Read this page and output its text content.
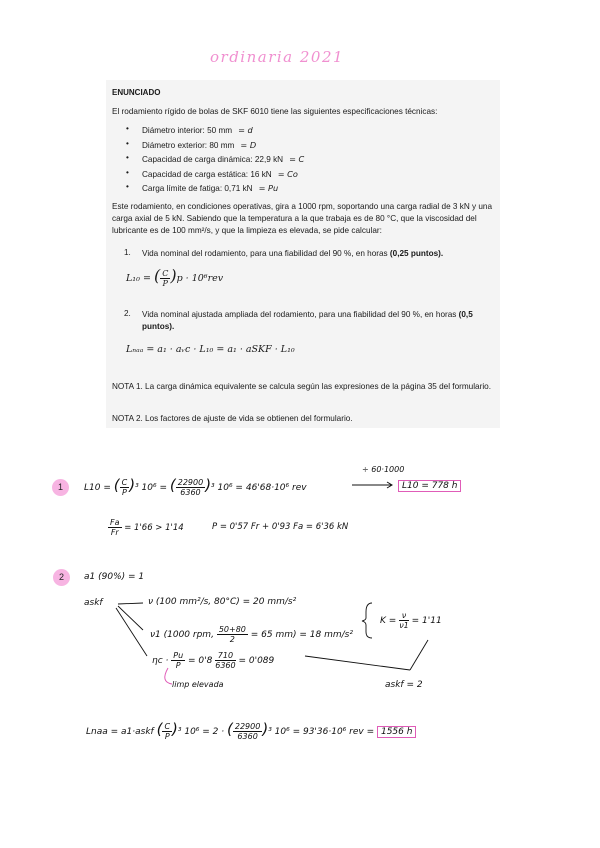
ordinaria 2021
ENUNCIADO

El rodamiento rígido de bolas de SKF 6010 tiene las siguientes especificaciones técnicas:

• Diámetro interior: 50 mm = d
• Diámetro exterior: 80 mm = D
• Capacidad de carga dinámica: 22,9 kN = C
• Capacidad de carga estática: 16 kN = Co
• Carga límite de fatiga: 0,71 kN = Pu

Este rodamiento, en condiciones operativas, gira a 1000 rpm, soportando una carga radial de 3 kN y una carga axial de 5 kN. Sabiendo que la temperatura a la que trabaja es de 80 °C, que la viscosidad del lubricante es de 100 mm²/s, y que la limpieza es elevada, se pide calcular:

1. Vida nominal del rodamiento, para una fiabilidad del 90 %, en horas (0,25 puntos).

L₁₀ = ( $\frac{C}{P} )p \cdot 10^6rev$
2. Vida nominal ajustada ampliada del rodamiento, para una fiabilidad del 90 %, en horas (0,5 puntos).

Lₙₐₐ = a₁ · aᵥc · L₁₀ = a₁ · aSKF · L₁₀

NOTA 1. La carga dinámica equivalente se calcula según las expresiones de la página 35 del formulario.

NOTA 2. Los factores de ajuste de vida se obtienen del formulario.

1	L10 = ( $\frac{C}{P} )^3$ 10⁶ = ( $\frac{22900}{6360} )^3$ 10⁶ = 46'68·10⁶ rev
÷ 60·1000
L10 = 778 h
$\frac{Fa}{Fr} = 1'66 > 1'14$	P = 0'57 Fr + 0'93 Fa = 6'36 kN
2	a1 (90%) = 1
askf	ν (100 mm²/s, 80°C) = 20 mm/s²
ν1 (1000 rpm, $\frac{50+80}{2} = 65$ mm) = 18 mm/s²
$K = \frac{\nu}{\nu 1} = 1'11$
$\eta c \cdot \frac{Pu}{P} = 0'8 \frac{710}{6360} = 0'089$
limp elevada	askf = 2
Lnaa = a1·askf ( $\frac{C}{P} )^3$ 10⁶ = 2 · ( $\frac{22900}{6360} )^3$ 10⁶ = 93'36·10⁶ rev = 1556 h
